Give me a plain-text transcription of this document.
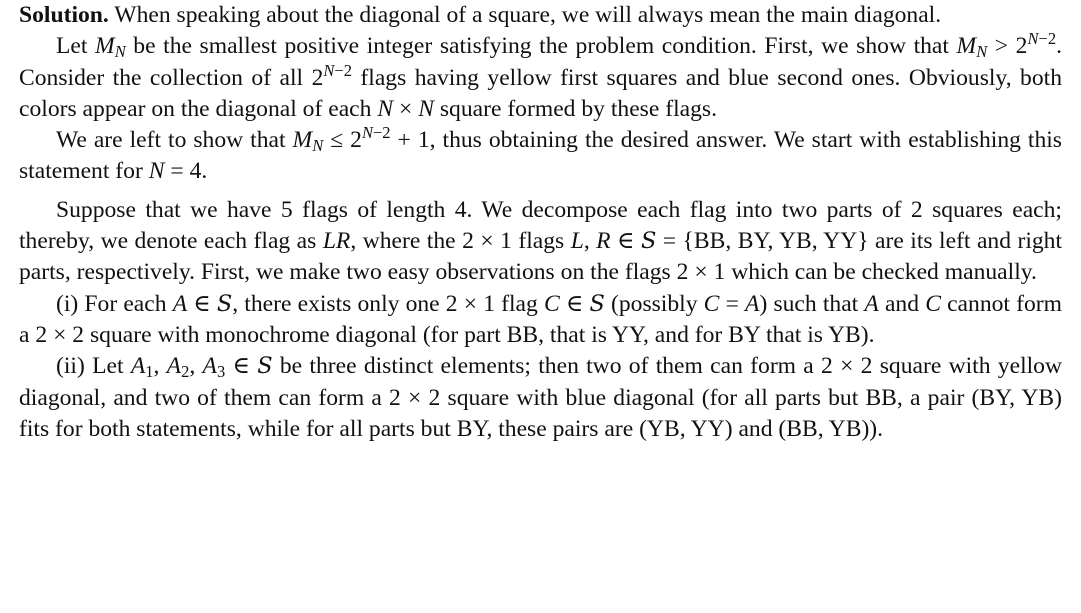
Solution. When speaking about the diagonal of a square, we will always mean the main diagonal.

Let $M_N$ be the smallest positive integer satisfying the problem condition. First, we show that $M_N > 2^{N-2}$. Consider the collection of all $2^{N-2}$ flags having yellow first squares and blue second ones. Obviously, both colors appear on the diagonal of each N × N square formed by these flags.

We are left to show that $M_N \le 2^{N-2} + 1$, thus obtaining the desired answer. We start with establishing this statement for N = 4.

Suppose that we have 5 flags of length 4. We decompose each flag into two parts of 2 squares each; thereby, we denote each flag as LR, where the 2 × 1 flags L, R ∈ S = {BB, BY, YB, YY} are its left and right parts, respectively. First, we make two easy observations on the flags 2 × 1 which can be checked manually.

(i) For each A ∈ S, there exists only one 2 × 1 flag C ∈ S (possibly C = A) such that A and C cannot form a 2 × 2 square with monochrome diagonal (for part BB, that is YY, and for BY that is YB).

(ii) Let $A_1$, $A_2$, $A_3$ ∈ S be three distinct elements; then two of them can form a 2 × 2 square with yellow diagonal, and two of them can form a 2 × 2 square with blue diagonal (for all parts but BB, a pair (BY, YB) fits for both statements, while for all parts but BY, these pairs are (YB, YY) and (BB, YB)).
